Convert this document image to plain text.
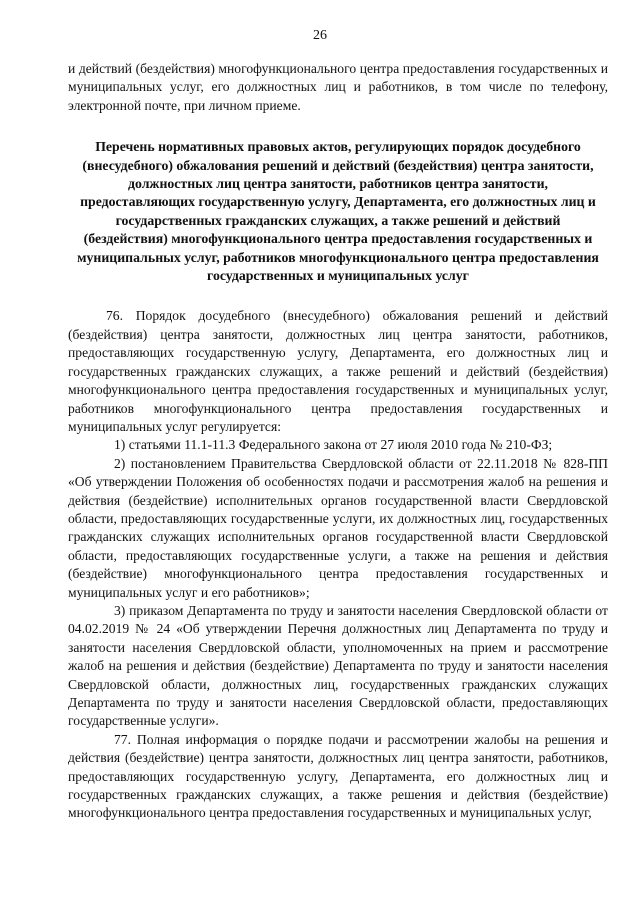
26

и действий (бездействия) многофункционального центра предоставления государственных и муниципальных услуг, его должностных лиц и работников, в том числе по телефону, электронной почте, при личном приеме.

Перечень нормативных правовых актов, регулирующих порядок досудебного (внесудебного) обжалования решений и действий (бездействия) центра занятости, должностных лиц центра занятости, работников центра занятости, предоставляющих государственную услугу, Департамента, его должностных лиц и государственных гражданских служащих, а также решений и действий (бездействия) многофункционального центра предоставления государственных и муниципальных услуг, работников многофункционального центра предоставления государственных и муниципальных услуг

76. Порядок досудебного (внесудебного) обжалования решений и действий (бездействия) центра занятости, должностных лиц центра занятости, работников, предоставляющих государственную услугу, Департамента, его должностных лиц и государственных гражданских служащих, а также решений и действий (бездействия) многофункционального центра предоставления государственных и муниципальных услуг, работников многофункционального центра предоставления государственных и муниципальных услуг регулируется:

1) статьями 11.1-11.3 Федерального закона от 27 июля 2010 года № 210-ФЗ;

2) постановлением Правительства Свердловской области от 22.11.2018 № 828-ПП «Об утверждении Положения об особенностях подачи и рассмотрения жалоб на решения и действия (бездействие) исполнительных органов государственной власти Свердловской области, предоставляющих государственные услуги, их должностных лиц, государственных гражданских служащих исполнительных органов государственной власти Свердловской области, предоставляющих государственные услуги, а также на решения и действия (бездействие) многофункционального центра предоставления государственных и муниципальных услуг и его работников»;

3) приказом Департамента по труду и занятости населения Свердловской области от 04.02.2019 № 24 «Об утверждении Перечня должностных лиц Департамента по труду и занятости населения Свердловской области, уполномоченных на прием и рассмотрение жалоб на решения и действия (бездействие) Департамента по труду и занятости населения Свердловской области, должностных лиц, государственных гражданских служащих Департамента по труду и занятости населения Свердловской области, предоставляющих государственные услуги».

77. Полная информация о порядке подачи и рассмотрении жалобы на решения и действия (бездействие) центра занятости, должностных лиц центра занятости, работников, предоставляющих государственную услугу, Департамента, его должностных лиц и государственных гражданских служащих, а также решения и действия (бездействие) многофункционального центра предоставления государственных и муниципальных услуг,
